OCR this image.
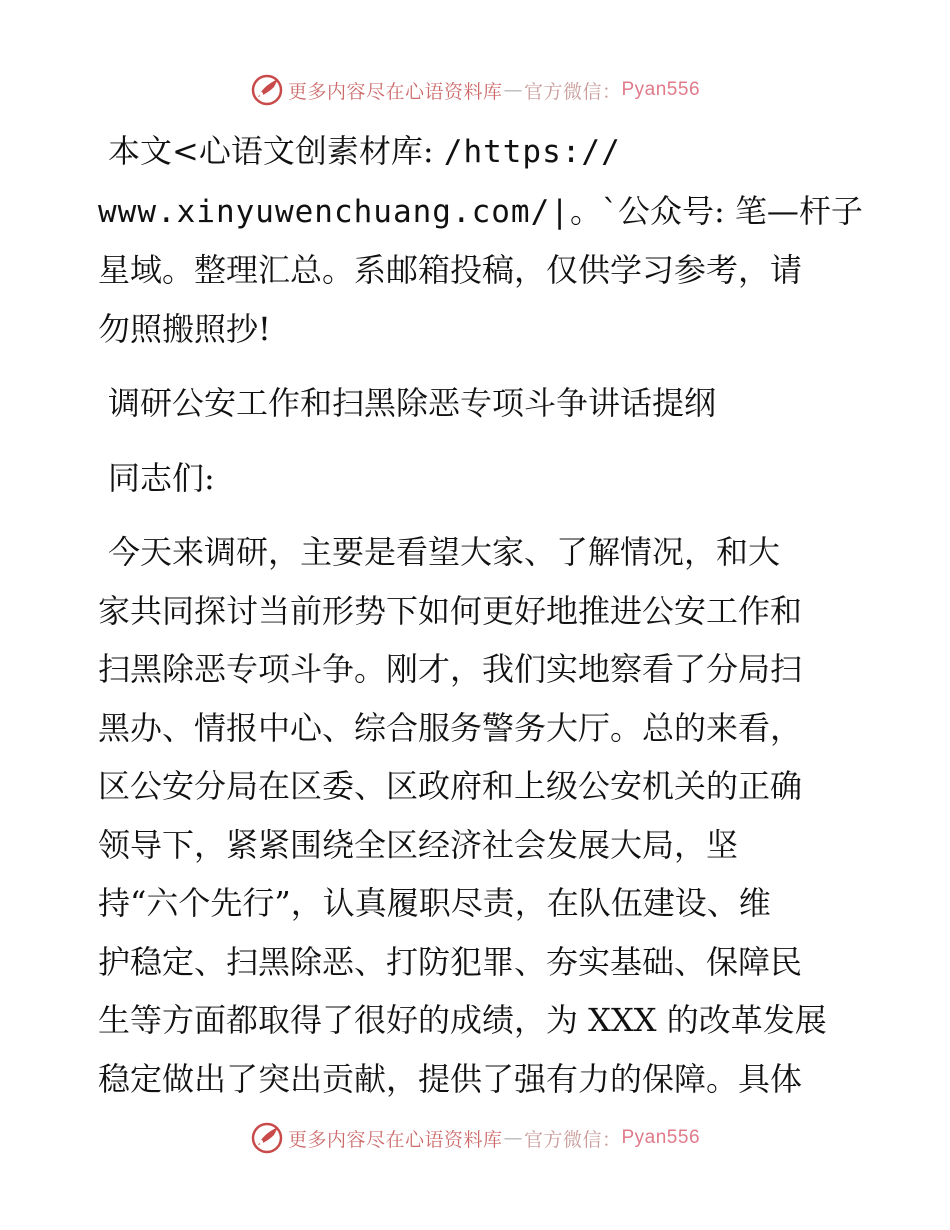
更多内容尽在心语资料库 — 官方微信： Pyan556

本文<心语文创素材库: /https://
www.xinyuwenchuang.com/|。`公众号: 笔—杆子
星域。整理汇总。系邮箱投稿，仅供学习参考，请
勿照搬照抄!

调研公安工作和扫黑除恶专项斗争讲话提纲

同志们:

今天来调研，主要是看望大家、了解情况，和大
家共同探讨当前形势下如何更好地推进公安工作和
扫黑除恶专项斗争。刚才，我们实地察看了分局扫
黑办、情报中心、综合服务警务大厅。总的来看，
区公安分局在区委、区政府和上级公安机关的正确
领导下，紧紧围绕全区经济社会发展大局，坚
持“六个先行”，认真履职尽责，在队伍建设、维
护稳定、扫黑除恶、打防犯罪、夯实基础、保障民
生等方面都取得了很好的成绩，为 XXX 的改革发展
稳定做出了突出贡献，提供了强有力的保障。具体

更多内容尽在心语资料库 — 官方微信： Pyan556
